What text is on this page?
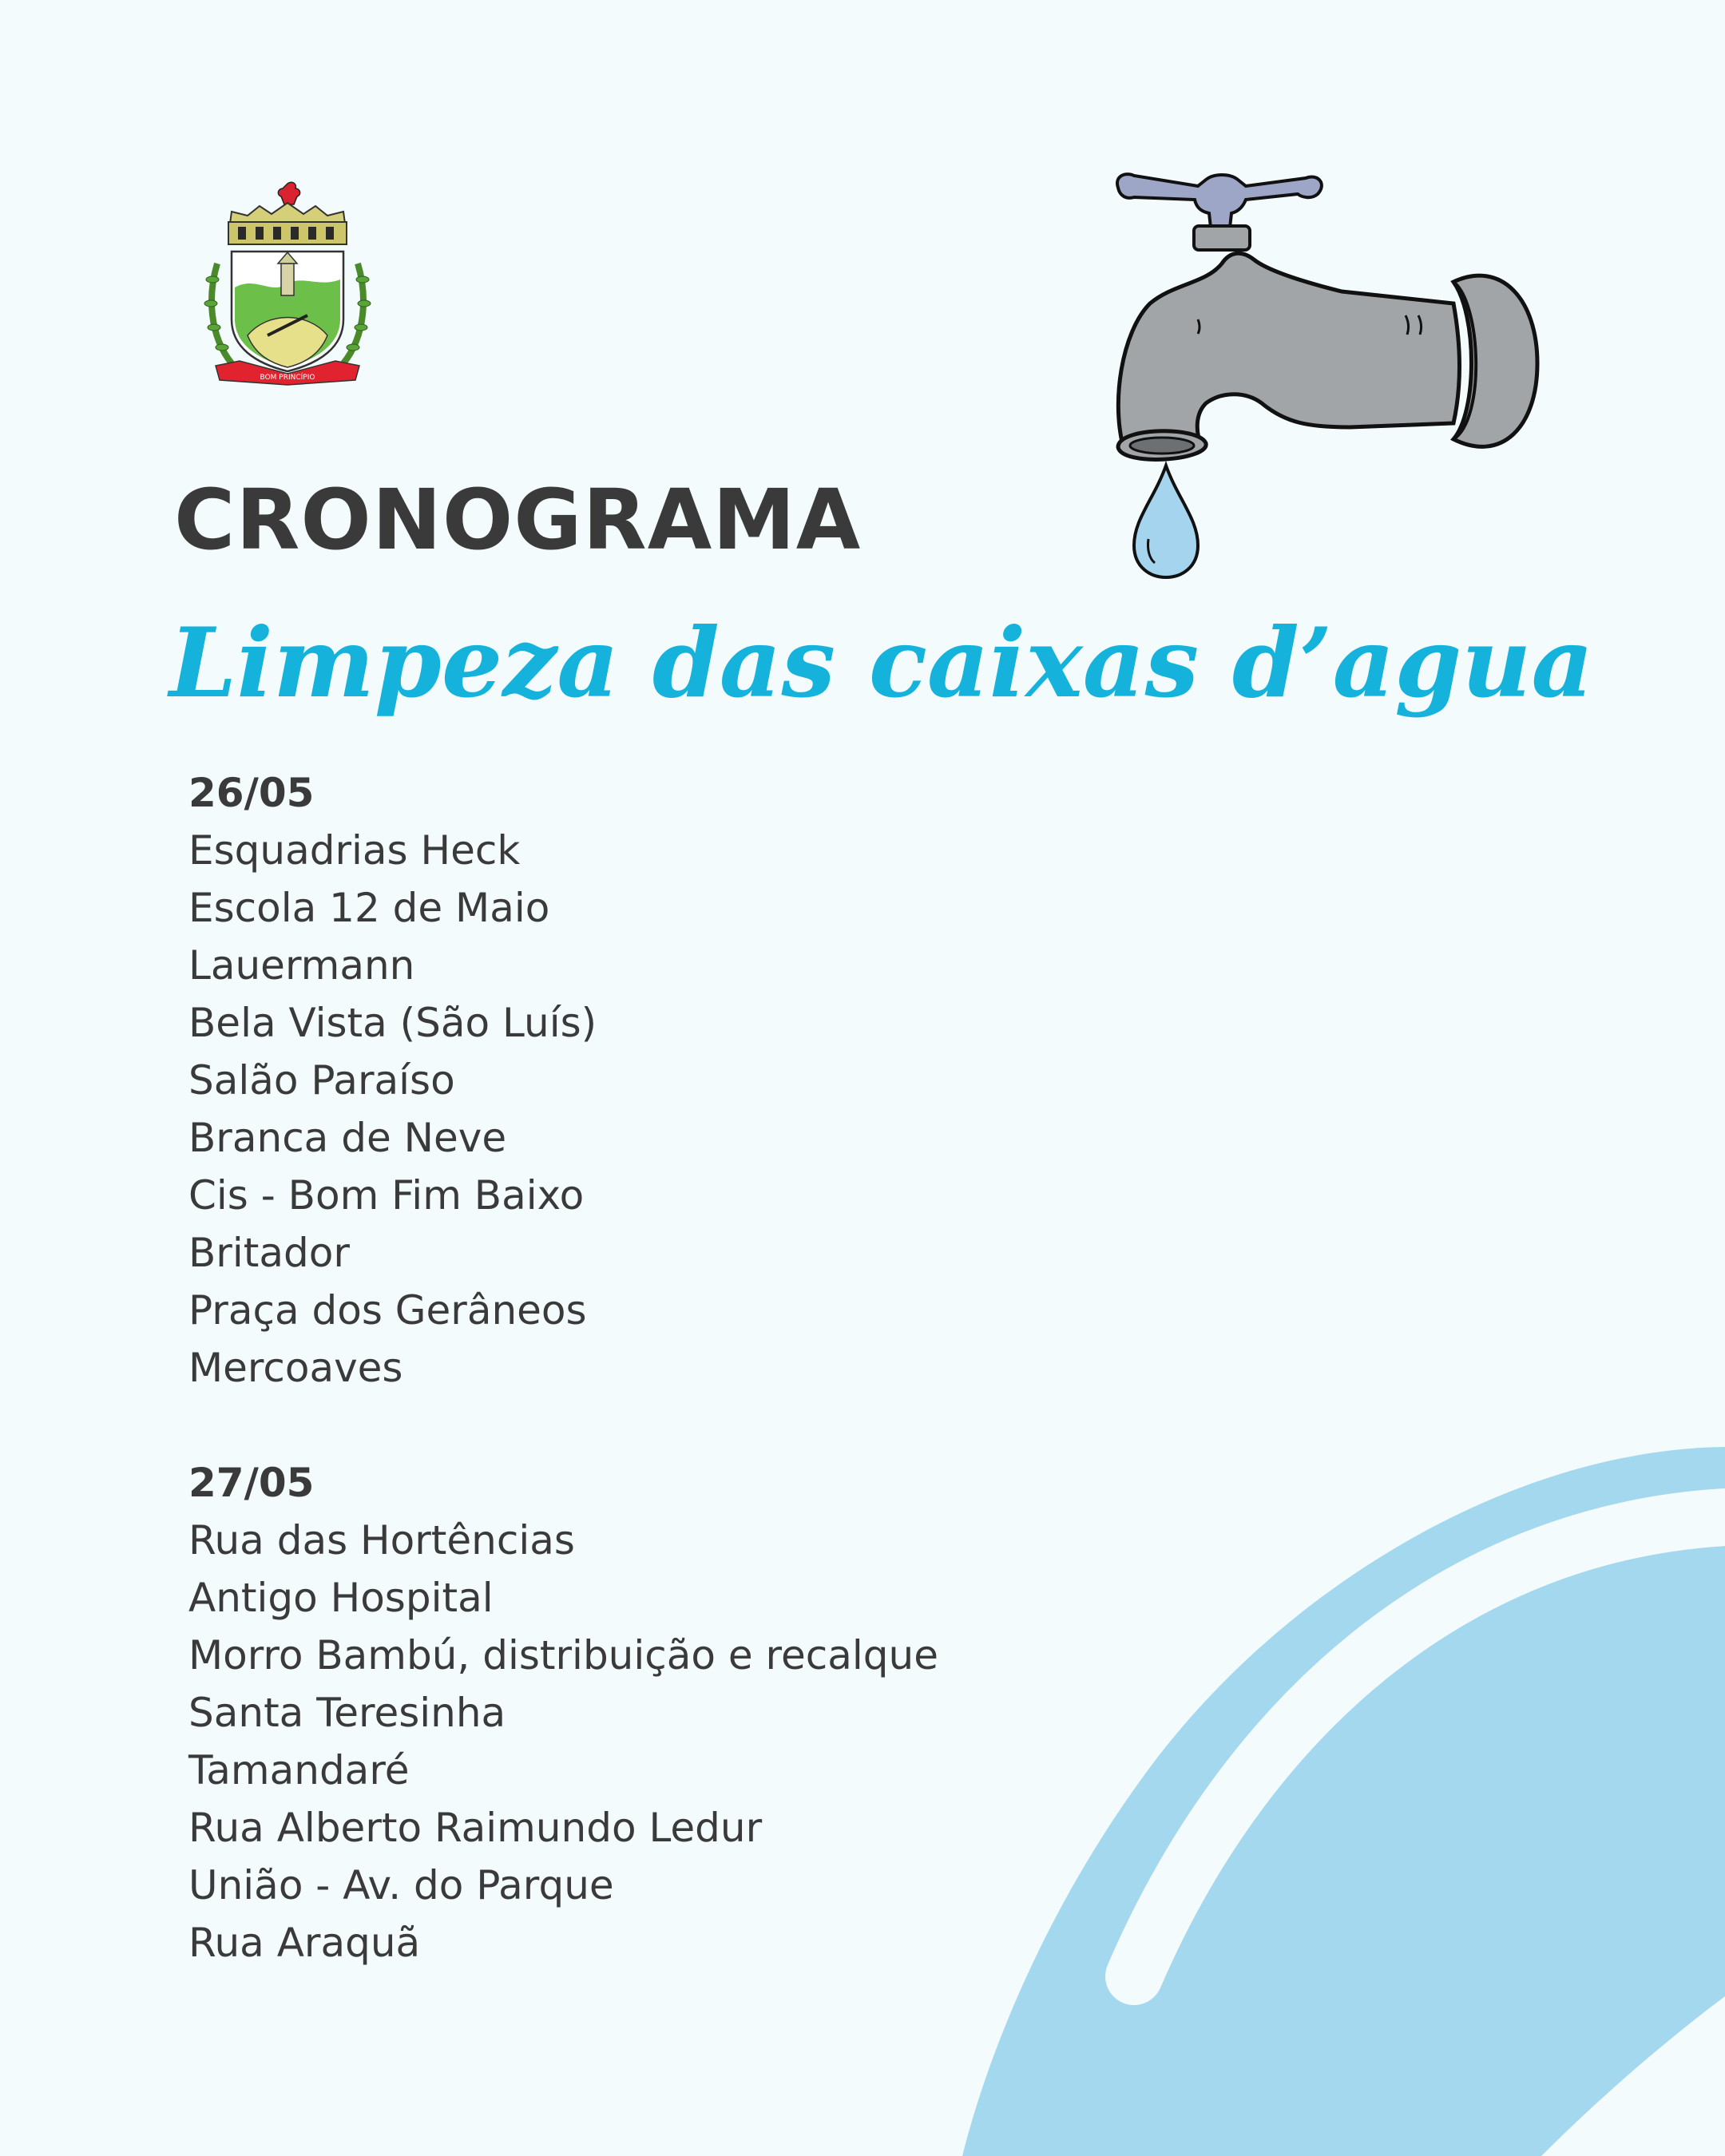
BOM PRINCÍPIO
CRONOGRAMA
Limpeza das caixas d’agua
26/05
Esquadrias Heck
Escola 12 de Maio
Lauermann
Bela Vista (São Luís)
Salão Paraíso
Branca de Neve
Cis - Bom Fim Baixo
Britador
Praça dos Gerâneos
Mercoaves
27/05
Rua das Hortências
Antigo Hospital
Morro Bambú, distribuição e recalque
Santa Teresinha
Tamandaré
Rua Alberto Raimundo Ledur
União - Av. do Parque
Rua Araquã
